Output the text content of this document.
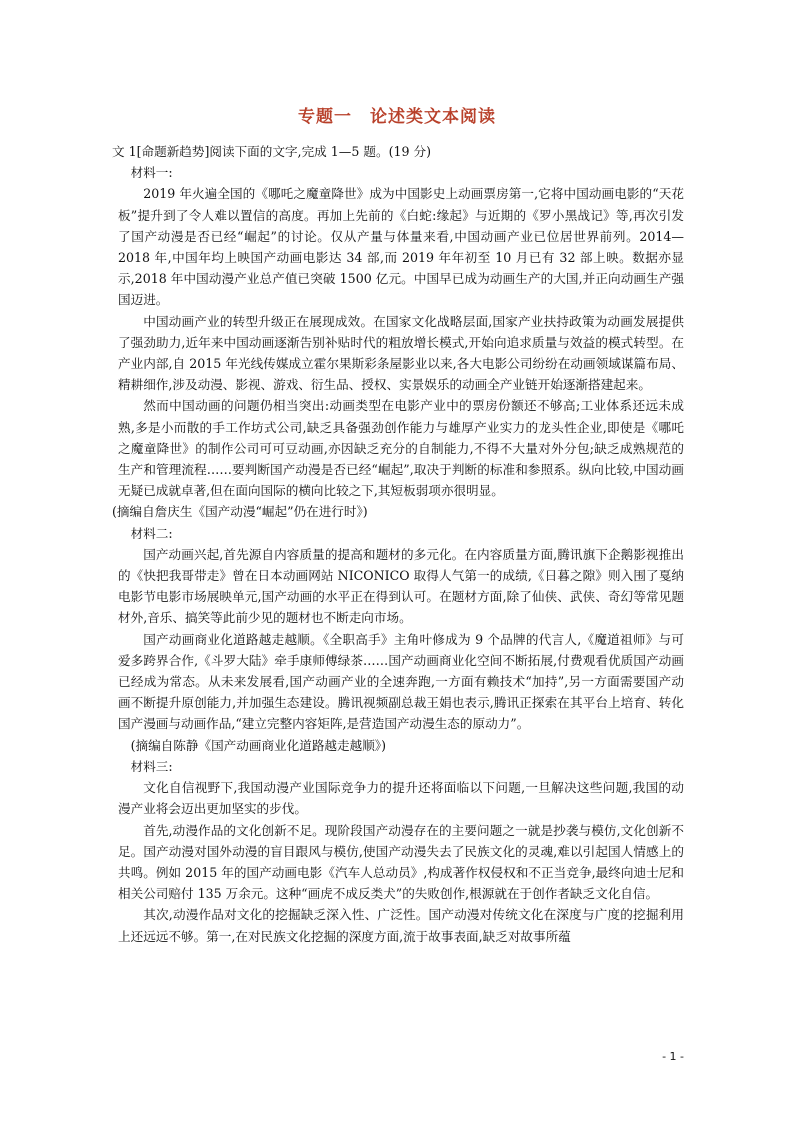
专题一　论述类文本阅读

文 1[命题新趋势]阅读下面的文字,完成 1—5 题。(19 分)

材料一:

2019 年火遍全国的《哪吒之魔童降世》成为中国影史上动画票房第一,它将中国动画电影的“天花板”提升到了令人难以置信的高度。再加上先前的《白蛇:缘起》与近期的《罗小黑战记》等,再次引发了国产动漫是否已经“崛起”的讨论。仅从产量与体量来看,中国动画产业已位居世界前列。2014—2018 年,中国年均上映国产动画电影达 34 部,而 2019 年年初至 10 月已有 32 部上映。数据亦显示,2018 年中国动漫产业总产值已突破 1500 亿元。中国早已成为动画生产的大国,并正向动画生产强国迈进。

中国动画产业的转型升级正在展现成效。在国家文化战略层面,国家产业扶持政策为动画发展提供了强劲助力,近年来中国动画逐渐告别补贴时代的粗放增长模式,开始向追求质量与效益的模式转型。在产业内部,自 2015 年光线传媒成立霍尔果斯彩条屋影业以来,各大电影公司纷纷在动画领域谋篇布局、精耕细作,涉及动漫、影视、游戏、衍生品、授权、实景娱乐的动画全产业链开始逐渐搭建起来。

然而中国动画的问题仍相当突出:动画类型在电影产业中的票房份额还不够高;工业体系还远未成熟,多是小而散的手工作坊式公司,缺乏具备强劲创作能力与雄厚产业实力的龙头性企业,即使是《哪吒之魔童降世》的制作公司可可豆动画,亦因缺乏充分的自制能力,不得不大量对外分包;缺乏成熟规范的生产和管理流程……要判断国产动漫是否已经“崛起”,取决于判断的标准和参照系。纵向比较,中国动画无疑已成就卓著,但在面向国际的横向比较之下,其短板弱项亦很明显。

(摘编自詹庆生《国产动漫“崛起”仍在进行时》)

材料二:

国产动画兴起,首先源自内容质量的提高和题材的多元化。在内容质量方面,腾讯旗下企鹅影视推出的《快把我哥带走》曾在日本动画网站 NICONICO 取得人气第一的成绩,《日暮之隙》则入围了戛纳电影节电影市场展映单元,国产动画的水平正在得到认可。在题材方面,除了仙侠、武侠、奇幻等常见题材外,音乐、搞笑等此前少见的题材也不断走向市场。

国产动画商业化道路越走越顺。《全职高手》主角叶修成为 9 个品牌的代言人,《魔道祖师》与可爱多跨界合作,《斗罗大陆》牵手康师傅绿茶……国产动画商业化空间不断拓展,付费观看优质国产动画已经成为常态。从未来发展看,国产动画产业的全速奔跑,一方面有赖技术“加持”,另一方面需要国产动画不断提升原创能力,并加强生态建设。腾讯视频副总裁王娟也表示,腾讯正探索在其平台上培育、转化国产漫画与动画作品,“建立完整内容矩阵,是营造国产动漫生态的原动力”。

(摘编自陈静《国产动画商业化道路越走越顺》)

材料三:

文化自信视野下,我国动漫产业国际竞争力的提升还将面临以下问题,一旦解决这些问题,我国的动漫产业将会迈出更加坚实的步伐。

首先,动漫作品的文化创新不足。现阶段国产动漫存在的主要问题之一就是抄袭与模仿,文化创新不足。国产动漫对国外动漫的盲目跟风与模仿,使国产动漫失去了民族文化的灵魂,难以引起国人情感上的共鸣。例如 2015 年的国产动画电影《汽车人总动员》,构成著作权侵权和不正当竞争,最终向迪士尼和相关公司赔付 135 万余元。这种“画虎不成反类犬”的失败创作,根源就在于创作者缺乏文化自信。

其次,动漫作品对文化的挖掘缺乏深入性、广泛性。国产动漫对传统文化在深度与广度的挖掘利用上还远远不够。第一,在对民族文化挖掘的深度方面,流于故事表面,缺乏对故事所蕴

- 1 -
